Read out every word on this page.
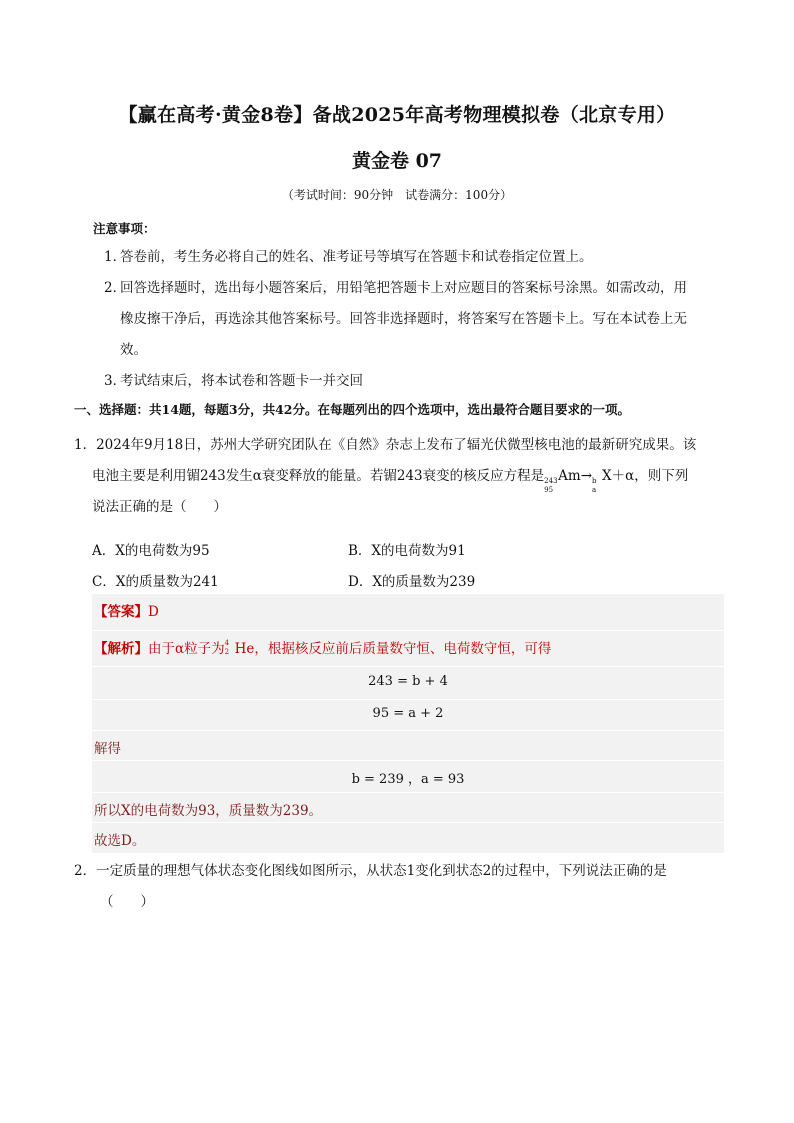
【赢在高考·黄金8卷】备战2025年高考物理模拟卷（北京专用）
黄金卷 07
（考试时间：90分钟　试卷满分：100分）
注意事项：
1．答卷前，考生务必将自己的姓名、准考证号等填写在答题卡和试卷指定位置上。
2．回答选择题时，选出每小题答案后，用铅笔把答题卡上对应题目的答案标号涂黑。如需改动，用
橡皮擦干净后，再选涂其他答案标号。回答非选择题时，将答案写在答题卡上。写在本试卷上无
效。
3．考试结束后，将本试卷和答题卡一并交回
一、选择题：共14题，每题3分，共42分。在每题列出的四个选项中，选出最符合题目要求的一项。
1．2024年9月18日，苏州大学研究团队在《自然》杂志上发布了辐光伏微型核电池的最新研究成果。该
电池主要是利用镅243发生α衰变释放的能量。若镅243衰变的核反应方程是 243
95
Am→ b
a
X＋α，则下列
说法正确的是（　　）
A．X的电荷数为95	B．X的电荷数为91
C．X的质量数为241	D．X的质量数为239
【答案】D
【解析】由于α粒子为 4
2 He，根据核反应前后质量数守恒、电荷数守恒，可得
243 = b + 4
95 = a + 2
解得
b = 239 ，a = 93
所以X的电荷数为93，质量数为239。
故选D。
2．一定质量的理想气体状态变化图线如图所示，从状态1变化到状态2的过程中，下列说法正确的是
（　　）
